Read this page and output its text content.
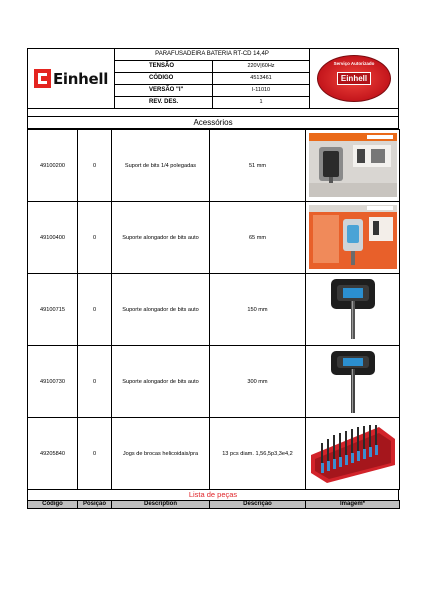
Einhell
PARAFUSADEIRA BATERIA RT-CD 14,4P
TENSÃO	220V|60Hz
CÓDIGO	4513461
VERSÃO "I"	I-11010
REV. DES.	1
Serviço Autorizado
Einhell
Acessórios
49100200	0	Suport de bits 1/4 polegadas	51 mm	

49100400	0	Suporte alongador de bits auto	65 mm	

49100715	0	Suporte alongador de bits auto	150 mm	

49100730	0	Suporte alongador de bits auto	300 mm	

49205840	0	Jogs de brocas helicoidais/pra	13 pcs diam. 1,56,5p3,3e4,2	
Lista de peças
Código	Posição	Description	Descrição	Imagem*
